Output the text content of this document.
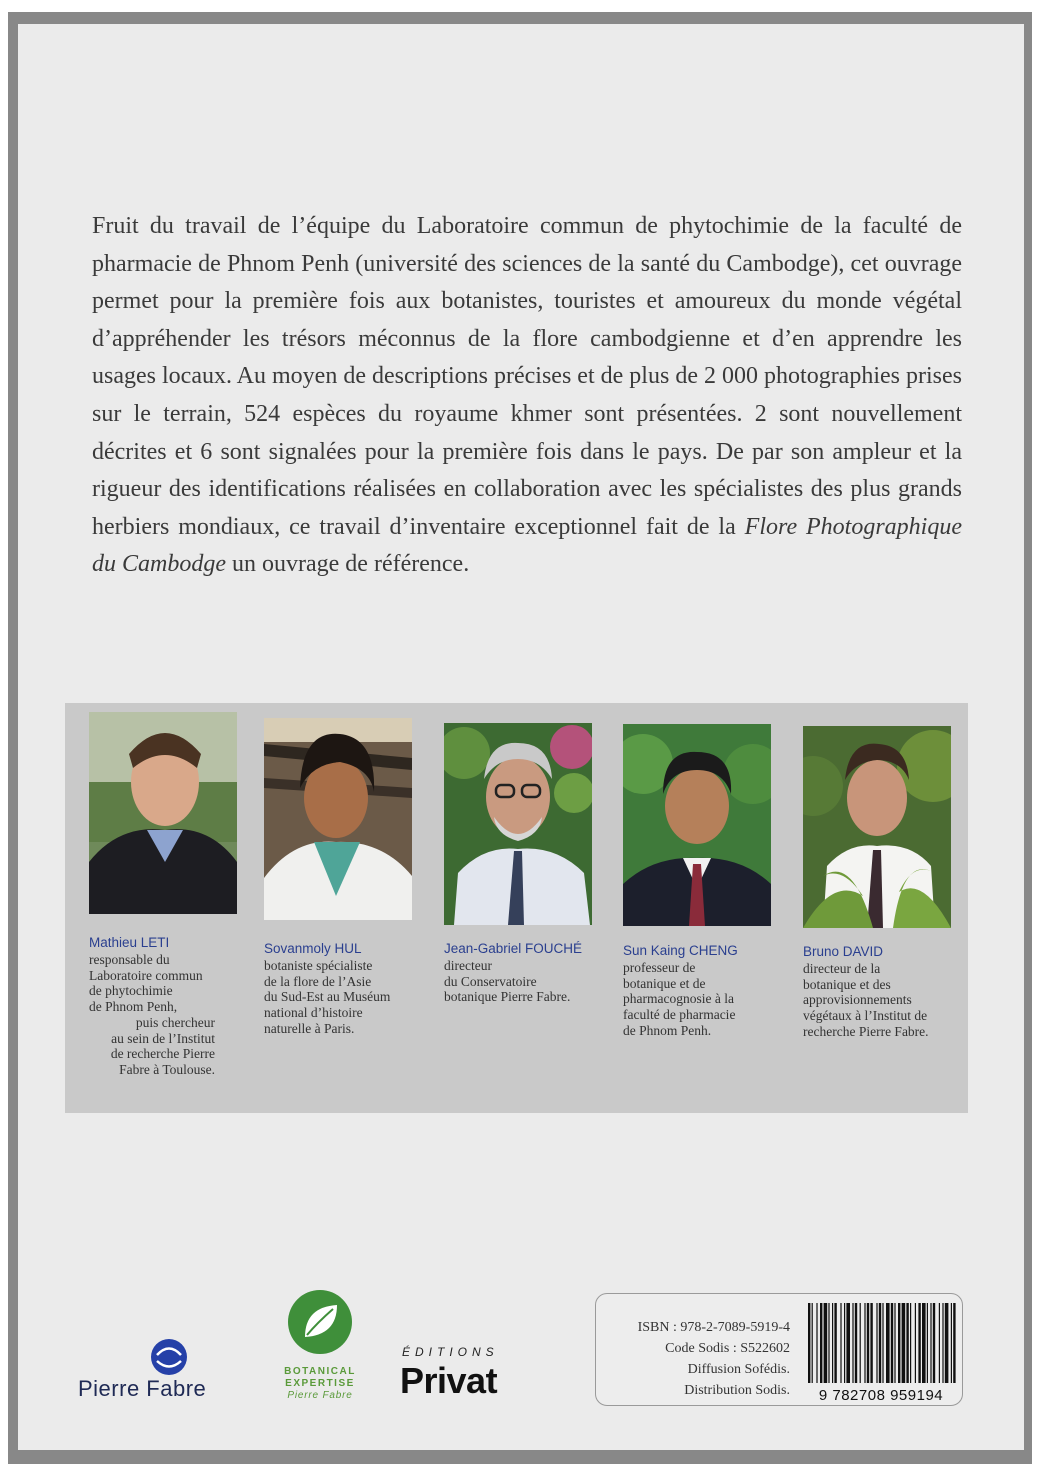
Fruit du travail de l’équipe du Laboratoire commun de phytochimie de la faculté de pharmacie de Phnom Penh (université des sciences de la santé du Cambodge), cet ouvrage permet pour la première fois aux botanistes, touristes et amoureux du monde végétal d’appréhender les trésors méconnus de la flore cambodgienne et d’en apprendre les usages locaux. Au moyen de descriptions précises et de plus de 2 000 photographies prises sur le terrain, 524 espèces du royaume khmer sont présentées. 2 sont nouvellement décrites et 6 sont signalées pour la première fois dans le pays. De par son ampleur et la rigueur des identifications réalisées en collaboration avec les spécialistes des plus grands herbiers mondiaux, ce travail d’inventaire exceptionnel fait de la Flore Photographique du Cambodge un ouvrage de référence.

Mathieu LETI
responsable du
Laboratoire commun
de phytochimie
de Phnom Penh,
puis chercheur
au sein de l’Institut
de recherche Pierre
Fabre à Toulouse.
Sovanmoly HUL
botaniste spécialiste
de la flore de l’Asie
du Sud-Est au Muséum
national d’histoire
naturelle à Paris.
Jean-Gabriel FOUCHÉ
directeur
du Conservatoire
botanique Pierre Fabre.
Sun Kaing CHENG
professeur de
botanique et de
pharmacognosie à la
faculté de pharmacie
de Phnom Penh.
Bruno DAVID
directeur de la
botanique et des
approvisionnements
végétaux à l’Institut de
recherche Pierre Fabre.
Pierre Fabre
BOTANICAL EXPERTISE
Pierre Fabre
ÉDITIONS
Privat
ISBN : 978-2-7089-5919-4
Code Sodis : S522602
Diffusion Sofédis.
Distribution Sodis.	9 782708 959194
